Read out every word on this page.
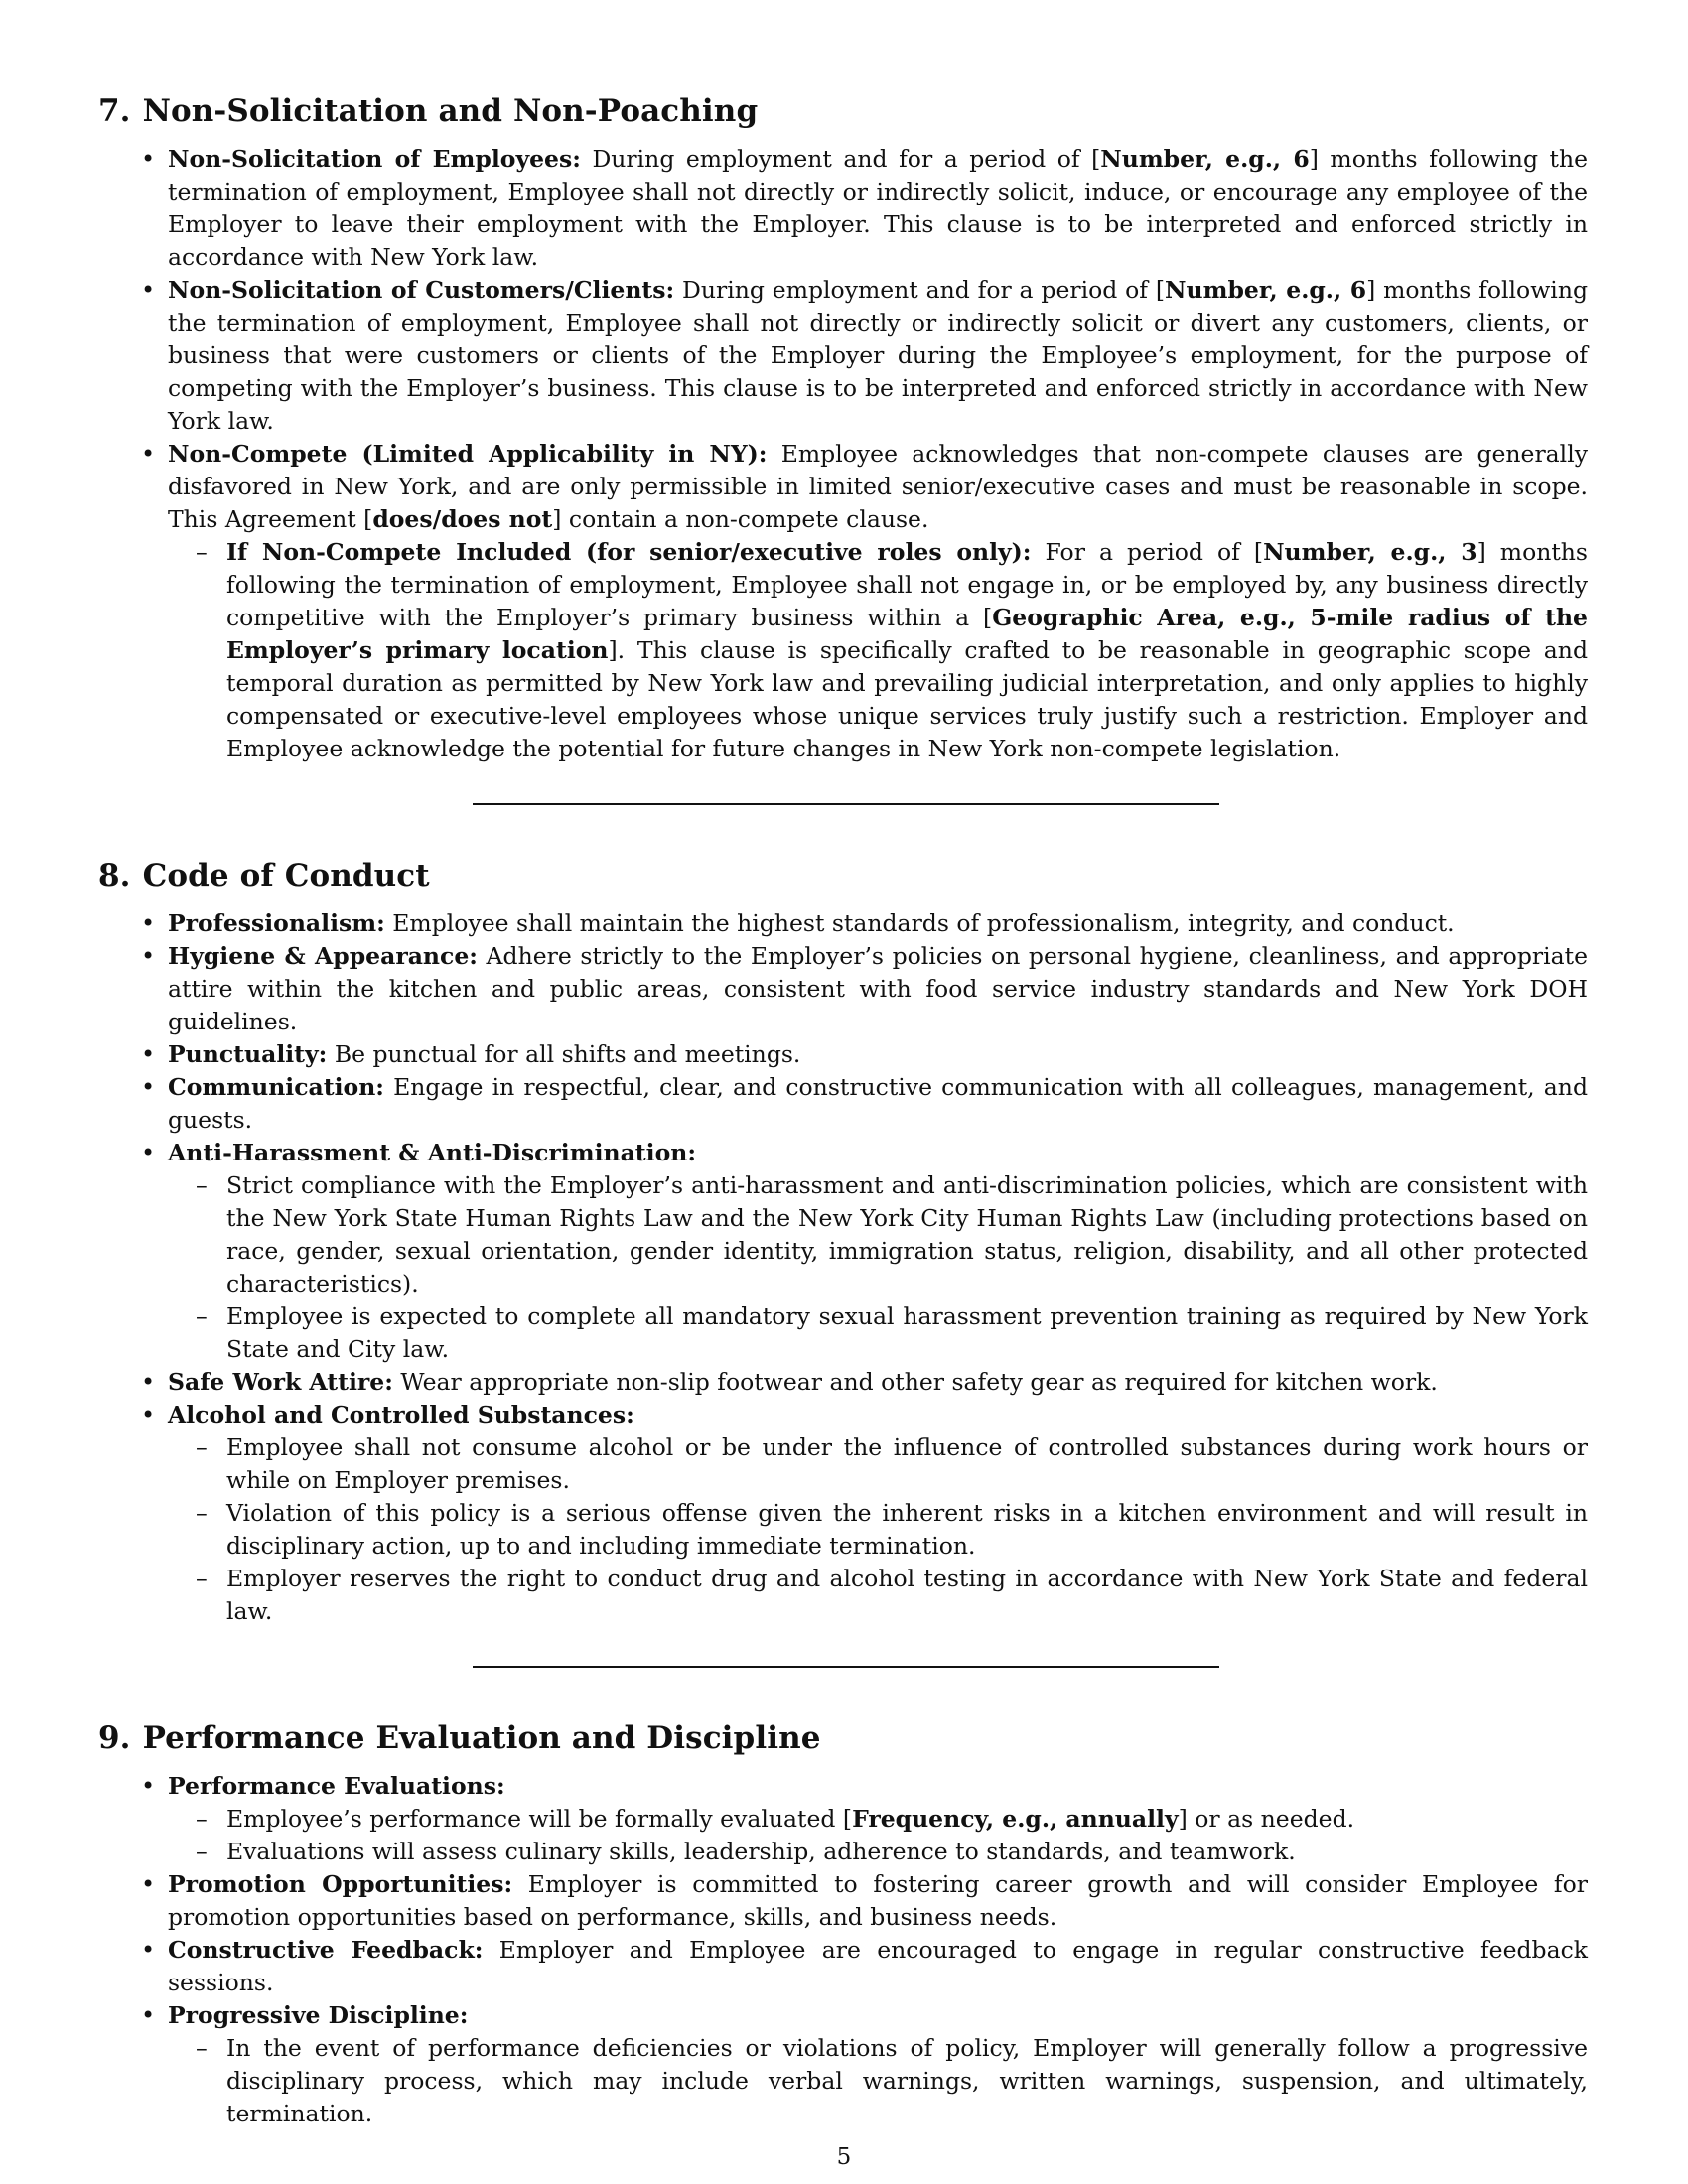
7. Non-Solicitation and Non-Poaching
• Non-Solicitation of Employees: During employment and for a period of [Number, e.g., 6] months following the termination of employment, Employee shall not directly or indirectly solicit, induce, or encourage any employee of the Employer to leave their employment with the Employer. This clause is to be interpreted and enforced strictly in accordance with New York law.
• Non-Solicitation of Customers/Clients: During employment and for a period of [Number, e.g., 6] months following the termination of employment, Employee shall not directly or indirectly solicit or divert any customers, clients, or business that were customers or clients of the Employer during the Employee’s employment, for the purpose of competing with the Employer’s business. This clause is to be interpreted and enforced strictly in accordance with New York law.
• Non-Compete (Limited Applicability in NY): Employee acknowledges that non-compete clauses are generally disfavored in New York, and are only permissible in limited senior/executive cases and must be reasonable in scope. This Agreement [does/does not] contain a non-compete clause.
– If Non-Compete Included (for senior/executive roles only): For a period of [Number, e.g., 3] months following the termination of employment, Employee shall not engage in, or be employed by, any business directly competitive with the Employer’s primary business within a [Geographic Area, e.g., 5-mile radius of the Employer’s primary location]. This clause is specifically crafted to be reasonable in geographic scope and temporal duration as permitted by New York law and prevailing judicial interpretation, and only applies to highly compensated or executive-level employees whose unique services truly justify such a restriction. Employer and Employee acknowledge the potential for future changes in New York non-compete legislation.
8. Code of Conduct
• Professionalism: Employee shall maintain the highest standards of professionalism, integrity, and conduct.
• Hygiene & Appearance: Adhere strictly to the Employer’s policies on personal hygiene, cleanliness, and appropriate attire within the kitchen and public areas, consistent with food service industry standards and New York DOH guidelines.
• Punctuality: Be punctual for all shifts and meetings.
• Communication: Engage in respectful, clear, and constructive communication with all colleagues, management, and guests.
• Anti-Harassment & Anti-Discrimination:
– Strict compliance with the Employer’s anti-harassment and anti-discrimination policies, which are consistent with the New York State Human Rights Law and the New York City Human Rights Law (including protections based on race, gender, sexual orientation, gender identity, immigration status, religion, disability, and all other protected characteristics).
– Employee is expected to complete all mandatory sexual harassment prevention training as required by New York State and City law.
• Safe Work Attire: Wear appropriate non-slip footwear and other safety gear as required for kitchen work.
• Alcohol and Controlled Substances:
– Employee shall not consume alcohol or be under the influence of controlled substances during work hours or while on Employer premises.
– Violation of this policy is a serious offense given the inherent risks in a kitchen environment and will result in disciplinary action, up to and including immediate termination.
– Employer reserves the right to conduct drug and alcohol testing in accordance with New York State and federal law.
9. Performance Evaluation and Discipline
• Performance Evaluations:
– Employee’s performance will be formally evaluated [Frequency, e.g., annually] or as needed.
– Evaluations will assess culinary skills, leadership, adherence to standards, and teamwork.
• Promotion Opportunities: Employer is committed to fostering career growth and will consider Employee for promotion opportunities based on performance, skills, and business needs.
• Constructive Feedback: Employer and Employee are encouraged to engage in regular constructive feedback sessions.
• Progressive Discipline:
– In the event of performance deficiencies or violations of policy, Employer will generally follow a progressive disciplinary process, which may include verbal warnings, written warnings, suspension, and ultimately, termination.
5
